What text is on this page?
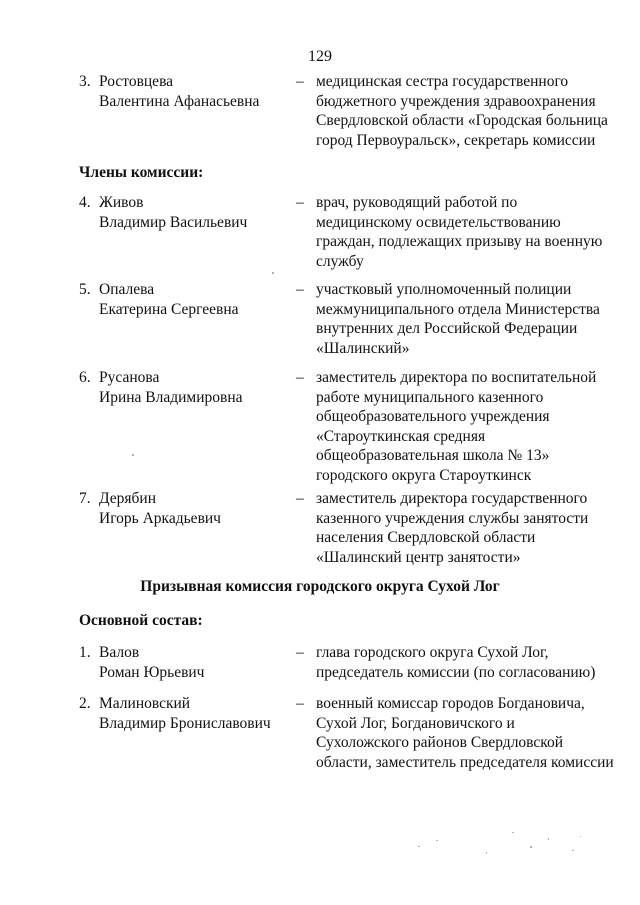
129
3. Ростовцева
Валентина Афанасьевна
– медицинская сестра государственного
бюджетного учреждения здравоохранения
Свердловской области «Городская больница
город Первоуральск», секретарь комиссии
Члены комиссии:
4. Живов
Владимир Васильевич
– врач, руководящий работой по
медицинскому освидетельствованию
граждан, подлежащих призыву на военную
службу
5. Опалева
Екатерина Сергеевна
– участковый уполномоченный полиции
межмуниципального отдела Министерства
внутренних дел Российской Федерации
«Шалинский»
6. Русанова
Ирина Владимировна
– заместитель директора по воспитательной
работе муниципального казенного
общеобразовательного учреждения
«Староуткинская средняя
общеобразовательная школа № 13»
городского округа Староуткинск
7. Дерябин
Игорь Аркадьевич
– заместитель директора государственного
казенного учреждения службы занятости
населения Свердловской области
«Шалинский центр занятости»
Призывная комиссия городского округа Сухой Лог
Основной состав:
1. Валов
Роман Юрьевич
– глава городского округа Сухой Лог,
председатель комиссии (по согласованию)
2. Малиновский
Владимир Брониславович
– военный комиссар городов Богдановича,
Сухой Лог, Богдановичского и
Сухоложского районов Свердловской
области, заместитель председателя комиссии
